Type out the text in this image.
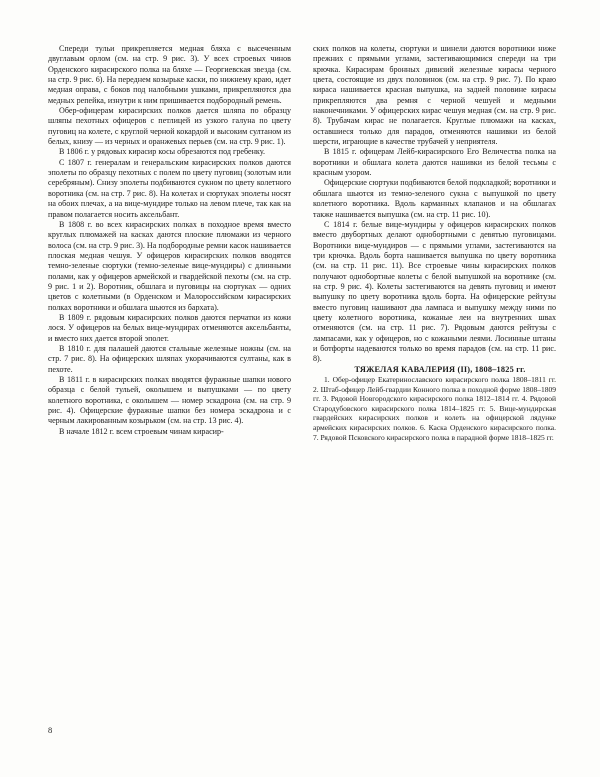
Спереди тульи прикрепляется медная бляха с высеченным двуглавым орлом (см. на стр. 9 рис. 3). У всех строевых чинов Орденского кирасирского полка на бляхе — Георгиевская звезда (см. на стр. 9 рис. 6). На переднем козырьке каски, по нижнему краю, идет медная оправа, с боков под налобными ушками, прикрепляются два медных репейка, изнутри к ним пришивается подбородный ремень.

Обер-офицерам кирасирских полков дается шляпа по образцу шляпы пехотных офицеров с петлицей из узкого галуна по цвету пуговиц на колете, с круглой черной кокардой и высоким султаном из белых, книзу — из черных и оранжевых перьев (см. на стр. 9 рис. 1).

В 1806 г. у рядовых кирасир косы обрезаются под гребенку.

С 1807 г. генералам и генеральским кирасирских полков даются эполеты по образцу пехотных с полем по цвету пуговиц (золотым или серебряным). Снизу эполеты подбиваются сукном по цвету колетного воротника (см. на стр. 7 рис. 8). На колетах и сюртуках эполеты носят на обоих плечах, а на вице-мундире только на левом плече, так как на правом полагается носить аксельбант.

В 1808 г. во всех кирасирских полках в походное время вместо круглых плюмажей на касках даются плоские плюмажи из черного волоса (см. на стр. 9 рис. 3). На подбородные ремни касок нашивается плоская медная чешуя. У офицеров кирасирских полков вводятся темно-зеленые сюртуки (темно-зеленые вице-мундиры) с длинными полами, как у офицеров армейской и гвардейской пехоты (см. на стр. 9 рис. 1 и 2). Воротник, обшлага и пуговицы на сюртуках — одних цветов с колетными (в Орденском и Малороссийском кирасирских полках воротники и обшлага шьются из бархата).

В 1809 г. рядовым кирасирских полков даются перчатки из кожи лося. У офицеров на белых вице-мундирах отменяются аксельбанты, и вместо них дается второй эполет.

В 1810 г. для палашей даются стальные железные ножны (см. на стр. 7 рис. 8). На офицерских шляпах укорачиваются султаны, как в пехоте.

В 1811 г. в кирасирских полках вводятся фуражные шапки нового образца с белой тульей, околышем и выпушками — по цвету колетного воротника, с околышем — номер эскадрона (см. на стр. 9 рис. 4). Офицерские фуражные шапки без номера эскадрона и с черным лакированным козырьком (см. на стр. 13 рис. 4).

В начале 1812 г. всем строевым чинам кирасир-

ских полков на колеты, сюртуки и шинели даются воротники ниже прежних с прямыми углами, застегивающимися спереди на три крючка. Кирасирам бронных дивизий железные кирасы черного цвета, состоящие из двух половинок (см. на стр. 9 рис. 7). По краю кираса нашивается красная выпушка, на задней половине кирасы прикрепляются два ремня с черной чешуей и медными наконечниками. У офицерских кирас чешуя медная (см. на стр. 9 рис. 8). Трубачам кирас не полагается. Круглые плюмажи на касках, оставшиеся только для парадов, отменяются нашивки из белой шерсти, играющие в качестве трубачей у неприятеля.

В 1815 г. офицерам Лейб-кирасирского Его Величества полка на воротники и обшлага колета даются нашивки из белой тесьмы с красным узором.

Офицерские сюртуки подбиваются белой подкладкой; воротники и обшлага шьются из темно-зеленого сукна с выпушкой по цвету колетного воротника. Вдоль карманных клапанов и на обшлагах также нашивается выпушка (см. на стр. 11 рис. 10).

С 1814 г. белые вице-мундиры у офицеров кирасирских полков вместо двубортных делают однобортными с девятью пуговицами. Воротники вице-мундиров — с прямыми углами, застегиваются на три крючка. Вдоль борта нашивается выпушка по цвету воротника (см. на стр. 11 рис. 11). Все строевые чины кирасирских полков получают однобортные колеты с белой выпушкой на воротнике (см. на стр. 9 рис. 4). Колеты застегиваются на девять пуговиц и имеют выпушку по цвету воротника вдоль борта. На офицерские рейтузы вместо пуговиц нашивают два лампаса и выпушку между ними по цвету колетного воротника, кожаные леи на внутренних швах отменяются (см. на стр. 11 рис. 7). Рядовым даются рейтузы с лампасами, как у офицеров, но с кожаными леями. Лосинные штаны и ботфорты надеваются только во время парадов (см. на стр. 11 рис. 8).

ТЯЖЕЛАЯ КАВАЛЕРИЯ (II), 1808–1825 гг.

1. Обер-офицер Екатеринославского кирасирского полка 1808–1811 гг. 2. Штаб-офицер Лейб-гвардии Конного полка в походной форме 1808–1809 гг. 3. Рядовой Новгородского кирасирского полка 1812–1814 гг. 4. Рядовой Стародубовского кирасирского полка 1814–1825 гг. 5. Вице-мундирская гвардейских кирасирских полков и колеть на офицерской лядунке армейских кирасирских полков. 6. Каска Орденского кирасирского полка. 7. Рядовой Псковского кирасирского полка в парадной форме 1818–1825 гг.

8
